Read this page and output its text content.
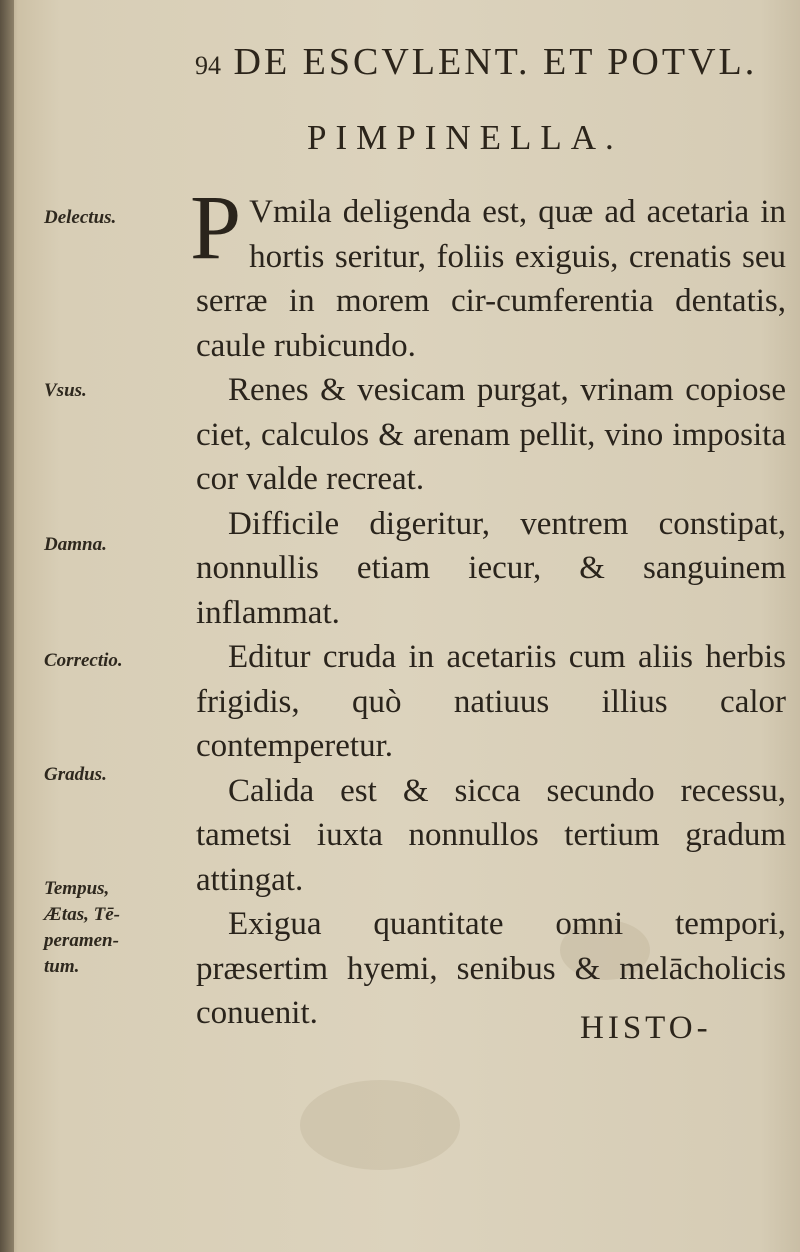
94 DE ESCVLENT. ET POTVL.
PIMPINELLA.
Delectus.
Vsus.
Damna.
Correctio.
Gradus.
Tempus,
Ætas, Tē-
peramen-
tum.

P Vmila deligenda est, quæ ad acetaria in hortis seritur, foliis exiguis, crenatis seu serræ in morem cir-cumferentia dentatis, caule rubicundo.

Renes & vesicam purgat, vrinam copiose ciet, calculos & arenam pellit, vino imposita cor valde recreat.

Difficile digeritur, ventrem constipat, nonnullis etiam iecur, & sanguinem inflammat.

Editur cruda in acetariis cum aliis herbis frigidis, quò natiuus illius calor contemperetur.

Calida est & sicca secundo recessu, tametsi iuxta nonnullos tertium gradum attingat.

Exigua quantitate omni tempori, præsertim hyemi, senibus & melācholicis conuenit.	HISTO-
